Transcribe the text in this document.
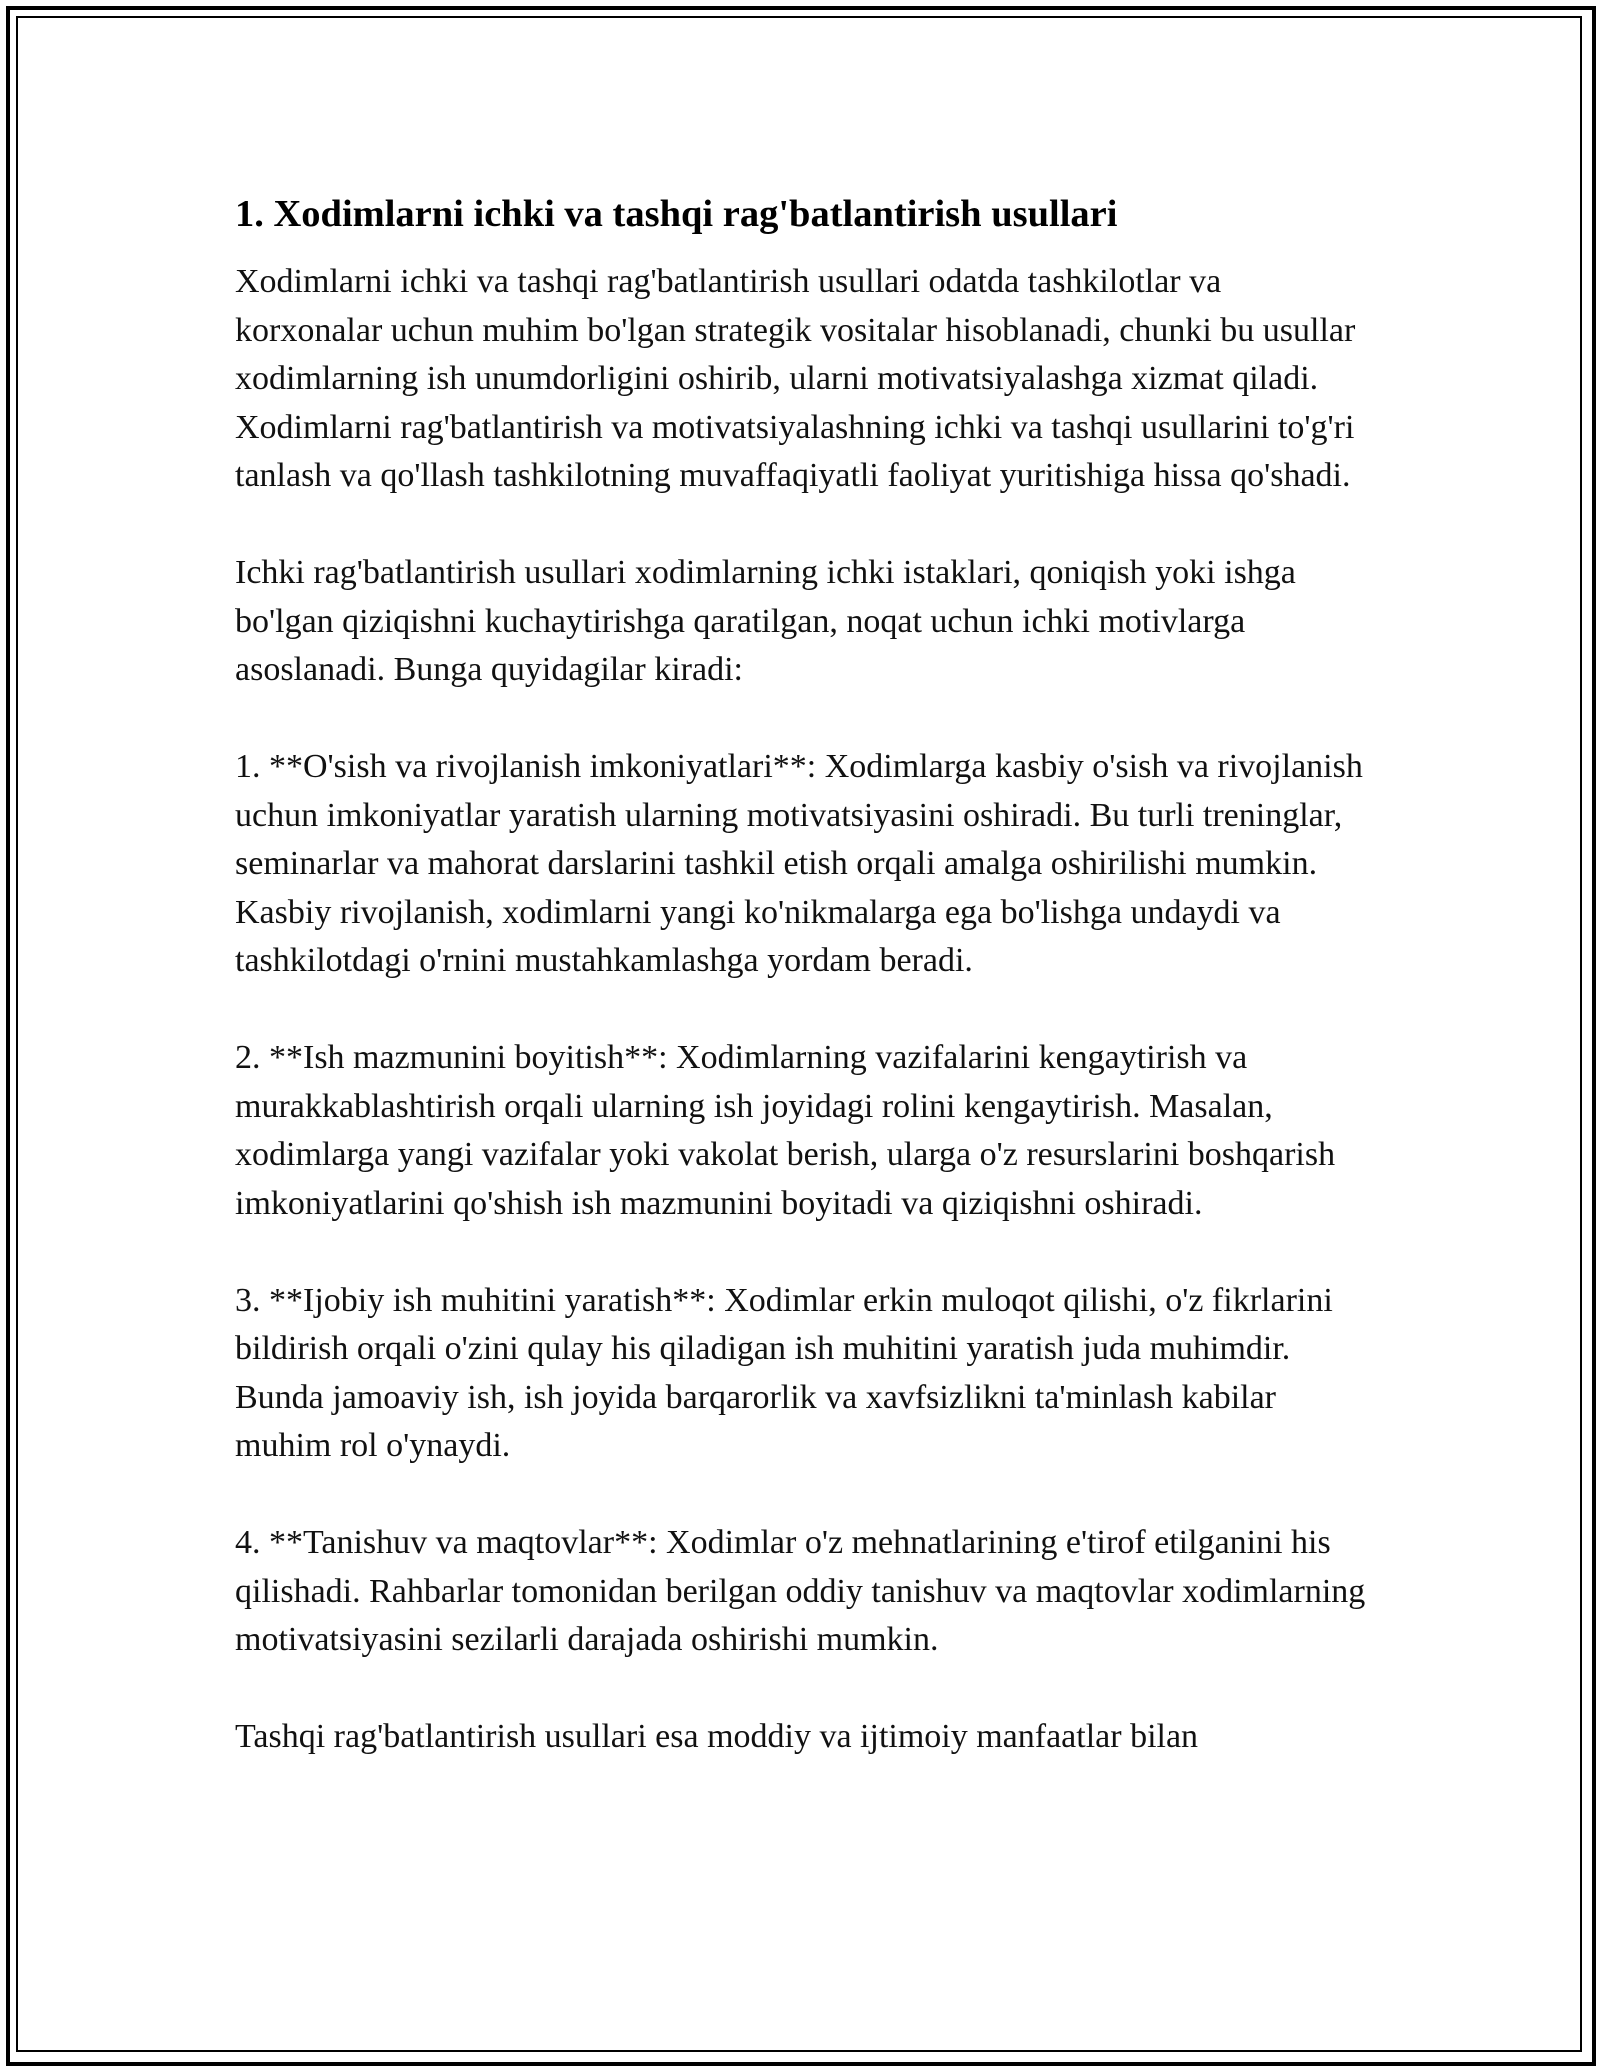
1. Xodimlarni ichki va tashqi rag'batlantirish usullari

Xodimlarni ichki va tashqi rag'batlantirish usullari odatda tashkilotlar va korxonalar uchun muhim bo'lgan strategik vositalar hisoblanadi, chunki bu usullar xodimlarning ish unumdorligini oshirib, ularni motivatsiyalashga xizmat qiladi. Xodimlarni rag'batlantirish va motivatsiyalashning ichki va tashqi usullarini to'g'ri tanlash va qo'llash tashkilotning muvaffaqiyatli faoliyat yuritishiga hissa qo'shadi.

Ichki rag'batlantirish usullari xodimlarning ichki istaklari, qoniqish yoki ishga bo'lgan qiziqishni kuchaytirishga qaratilgan, noqat uchun ichki motivlarga asoslanadi. Bunga quyidagilar kiradi:

1. **O'sish va rivojlanish imkoniyatlari**: Xodimlarga kasbiy o'sish va rivojlanish uchun imkoniyatlar yaratish ularning motivatsiyasini oshiradi. Bu turli treninglar, seminarlar va mahorat darslarini tashkil etish orqali amalga oshirilishi mumkin. Kasbiy rivojlanish, xodimlarni yangi ko'nikmalarga ega bo'lishga undaydi va tashkilotdagi o'rnini mustahkamlashga yordam beradi.

2. **Ish mazmunini boyitish**: Xodimlarning vazifalarini kengaytirish va murakkablashtirish orqali ularning ish joyidagi rolini kengaytirish. Masalan, xodimlarga yangi vazifalar yoki vakolat berish, ularga o'z resurslarini boshqarish imkoniyatlarini qo'shish ish mazmunini boyitadi va qiziqishni oshiradi.

3. **Ijobiy ish muhitini yaratish**: Xodimlar erkin muloqot qilishi, o'z fikrlarini bildirish orqali o'zini qulay his qiladigan ish muhitini yaratish juda muhimdir. Bunda jamoaviy ish, ish joyida barqarorlik va xavfsizlikni ta'minlash kabilar muhim rol o'ynaydi.

4. **Tanishuv va maqtovlar**: Xodimlar o'z mehnatlarining e'tirof etilganini his qilishadi. Rahbarlar tomonidan berilgan oddiy tanishuv va maqtovlar xodimlarning motivatsiyasini sezilarli darajada oshirishi mumkin.

Tashqi rag'batlantirish usullari esa moddiy va ijtimoiy manfaatlar bilan
